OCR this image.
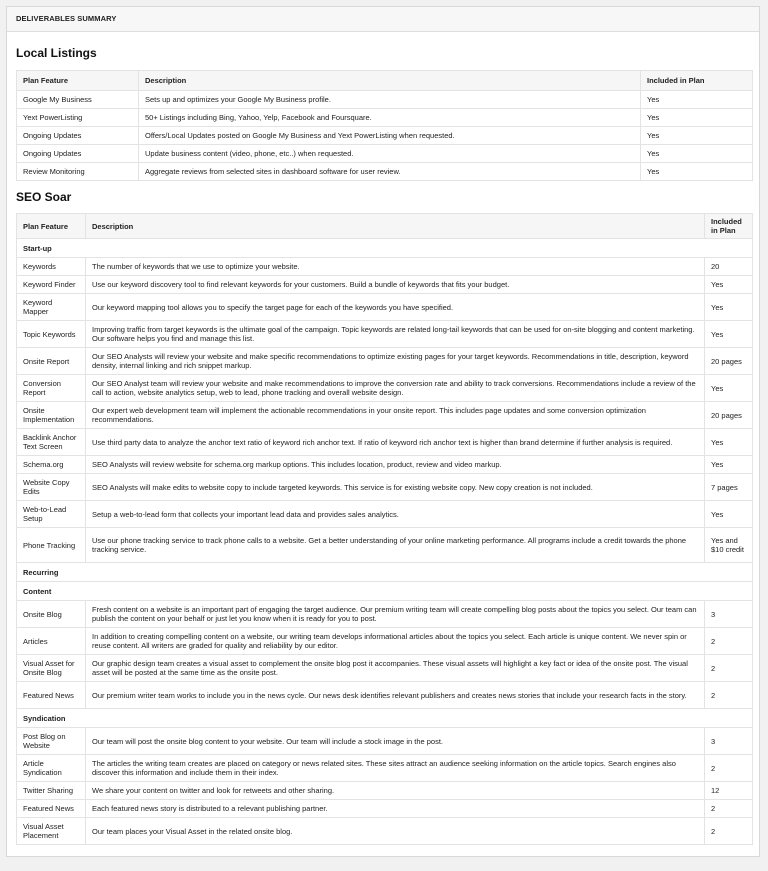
DELIVERABLES SUMMARY
Local Listings
Plan Feature	Description	Included in Plan
Google My Business	Sets up and optimizes your Google My Business profile.	Yes
Yext PowerListing	50+ Listings including Bing, Yahoo, Yelp, Facebook and Foursquare.	Yes
Ongoing Updates	Offers/Local Updates posted on Google My Business and Yext PowerListing when requested.	Yes
Ongoing Updates	Update business content (video, phone, etc..) when requested.	Yes
Review Monitoring	Aggregate reviews from selected sites in dashboard software for user review.	Yes
SEO Soar
Plan Feature	Description	Included in Plan
Start-up		
Keywords	The number of keywords that we use to optimize your website.	20
Keyword Finder	Use our keyword discovery tool to find relevant keywords for your customers. Build a bundle of keywords that fits your budget.	Yes
Keyword Mapper	Our keyword mapping tool allows you to specify the target page for each of the keywords you have specified.	Yes
Topic Keywords	Improving traffic from target keywords is the ultimate goal of the campaign. Topic keywords are related long-tail keywords that can be used for on-site blogging and content marketing. Our software helps you find and manage this list.	Yes
Onsite Report	Our SEO Analysts will review your website and make specific recommendations to optimize existing pages for your target keywords. Recommendations in title, description, keyword density, internal linking and rich snippet markup.	20 pages
Conversion Report	Our SEO Analyst team will review your website and make recommendations to improve the conversion rate and ability to track conversions. Recommendations include a review of the call to action, website analytics setup, web to lead, phone tracking and overall website design.	Yes
Onsite Implementation	Our expert web development team will implement the actionable recommendations in your onsite report. This includes page updates and some conversion optimization recommendations.	20 pages
Backlink Anchor Text Screen	Use third party data to analyze the anchor text ratio of keyword rich anchor text. If ratio of keyword rich anchor text is higher than brand determine if further analysis is required.	Yes
Schema.org	SEO Analysts will review website for schema.org markup options. This includes location, product, review and video markup.	Yes
Website Copy Edits	SEO Analysts will make edits to website copy to include targeted keywords. This service is for existing website copy. New copy creation is not included.	7 pages
Web-to-Lead Setup	Setup a web-to-lead form that collects your important lead data and provides sales analytics.	Yes
Phone Tracking	Use our phone tracking service to track phone calls to a website. Get a better understanding of your online marketing performance. All programs include a credit towards the phone tracking service.	Yes and $10 credit
Recurring		
Content		
Onsite Blog	Fresh content on a website is an important part of engaging the target audience. Our premium writing team will create compelling blog posts about the topics you select. Our team can publish the content on your behalf or just let you know when it is ready for you to post.	3
Articles	In addition to creating compelling content on a website, our writing team develops informational articles about the topics you select. Each article is unique content. We never spin or reuse content. All writers are graded for quality and reliability by our editor.	2
Visual Asset for Onsite Blog	Our graphic design team creates a visual asset to complement the onsite blog post it accompanies. These visual assets will highlight a key fact or idea of the onsite post. The visual asset will be posted at the same time as the onsite post.	2
Featured News	Our premium writer team works to include you in the news cycle. Our news desk identifies relevant publishers and creates news stories that include your research facts in the story.	2
Syndication		
Post Blog on Website	Our team will post the onsite blog content to your website. Our team will include a stock image in the post.	3
Article Syndication	The articles the writing team creates are placed on category or news related sites. These sites attract an audience seeking information on the article topics. Search engines also discover this information and include them in their index.	2
Twitter Sharing	We share your content on twitter and look for retweets and other sharing.	12
Featured News	Each featured news story is distributed to a relevant publishing partner.	2
Visual Asset Placement	Our team places your Visual Asset in the related onsite blog.	2
